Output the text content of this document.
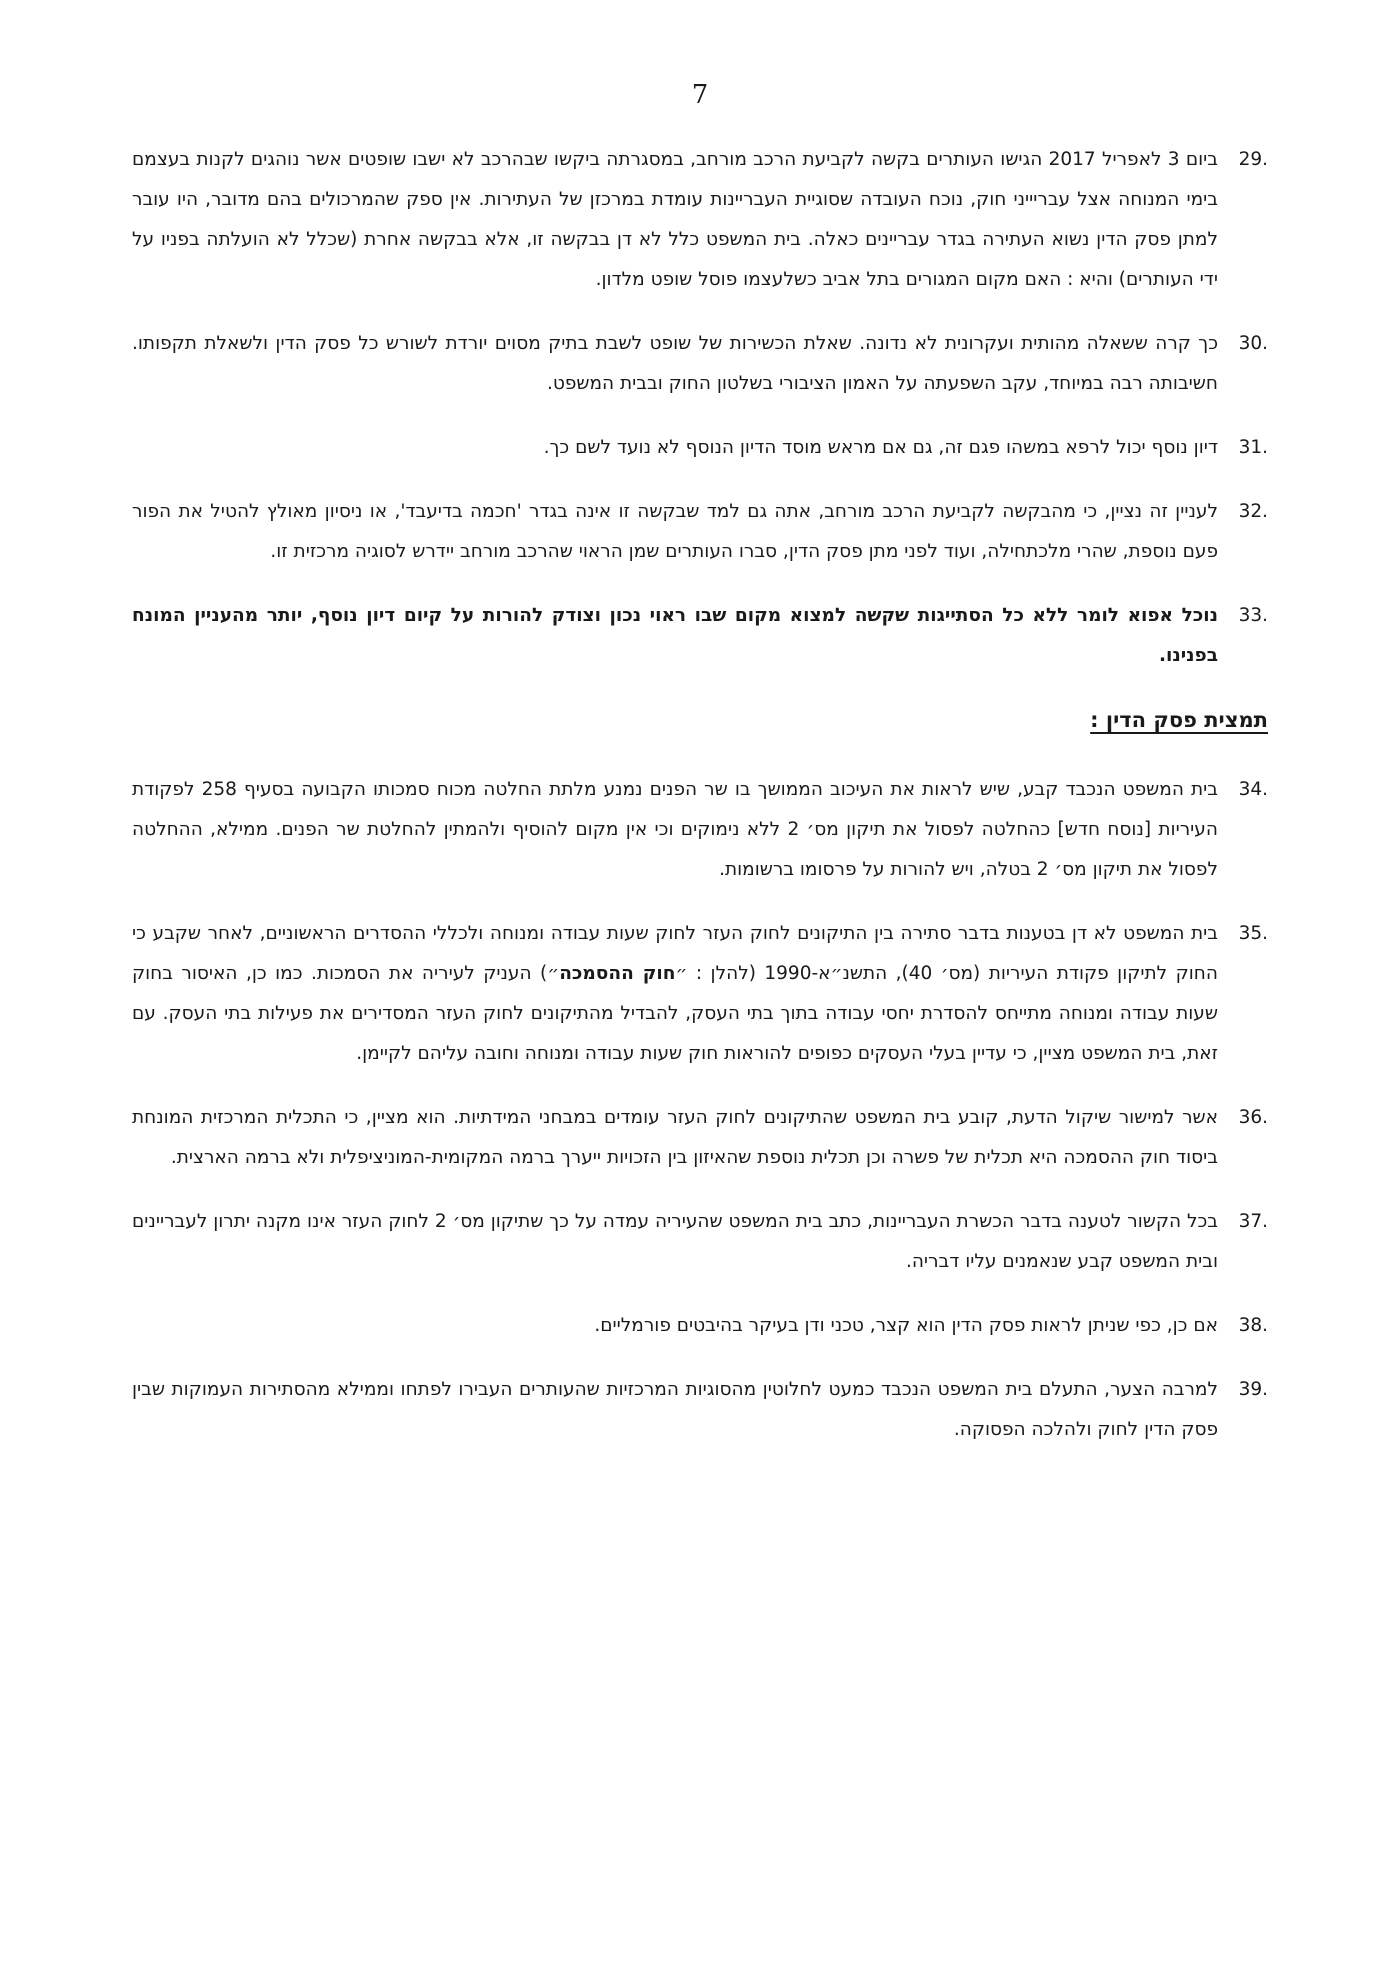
7
29.
ביום 3 לאפריל 2017 הגישו העותרים בקשה לקביעת הרכב מורחב, במסגרתה ביקשו שבהרכב לא ישבו שופטים אשר נוהגים לקנות בעצמם בימי המנוחה אצל עבריייני חוק, נוכח העובדה שסוגיית העבריינות עומדת במרכזן של העתירות. אין ספק שהמרכולים בהם מדובר, היו עובר למתן פסק הדין נשוא העתירה בגדר עבריינים כאלה. בית המשפט כלל לא דן בבקשה זו, אלא בבקשה אחרת (שכלל לא הועלתה בפניו על ידי העותרים) והיא : האם מקום המגורים בתל אביב כשלעצמו פוסל שופט מלדון.
30.
כך קרה ששאלה מהותית ועקרונית לא נדונה. שאלת הכשירות של שופט לשבת בתיק מסוים יורדת לשורש כל פסק הדין ולשאלת תקפותו. חשיבותה רבה במיוחד, עקב השפעתה על האמון הציבורי בשלטון החוק ובבית המשפט.
31.
דיון נוסף יכול לרפא במשהו פגם זה, גם אם מראש מוסד הדיון הנוסף לא נועד לשם כך.
32.
לעניין זה נציין, כי מהבקשה לקביעת הרכב מורחב, אתה גם למד שבקשה זו אינה בגדר 'חכמה בדיעבד', או ניסיון מאולץ להטיל את הפור פעם נוספת, שהרי מלכתחילה, ועוד לפני מתן פסק הדין, סברו העותרים שמן הראוי שהרכב מורחב יידרש לסוגיה מרכזית זו.
33.
נוכל אפוא לומר ללא כל הסתייגות שקשה למצוא מקום שבו ראוי נכון וצודק להורות על קיום דיון נוסף, יותר מהעניין המונח בפנינו.
תמצית פסק הדין :
34.
בית המשפט הנכבד קבע, שיש לראות את העיכוב הממושך בו שר הפנים נמנע מלתת החלטה מכוח סמכותו הקבועה בסעיף 258 לפקודת העיריות [נוסח חדש] כהחלטה לפסול את תיקון מס׳ 2 ללא נימוקים וכי אין מקום להוסיף ולהמתין להחלטת שר הפנים. ממילא, ההחלטה לפסול את תיקון מס׳ 2 בטלה, ויש להורות על פרסומו ברשומות.
35.
בית המשפט לא דן בטענות בדבר סתירה בין התיקונים לחוק העזר לחוק שעות עבודה ומנוחה ולכללי ההסדרים הראשוניים, לאחר שקבע כי החוק לתיקון פקודת העיריות (מס׳ 40), התשנ״א-1990 (להלן : ״חוק ההסמכה״) העניק לעיריה את הסמכות. כמו כן, האיסור בחוק שעות עבודה ומנוחה מתייחס להסדרת יחסי עבודה בתוך בתי העסק, להבדיל מהתיקונים לחוק העזר המסדירים את פעילות בתי העסק. עם זאת, בית המשפט מציין, כי עדיין בעלי העסקים כפופים להוראות חוק שעות עבודה ומנוחה וחובה עליהם לקיימן.
36.
אשר למישור שיקול הדעת, קובע בית המשפט שהתיקונים לחוק העזר עומדים במבחני המידתיות. הוא מציין, כי התכלית המרכזית המונחת ביסוד חוק ההסמכה היא תכלית של פשרה וכן תכלית נוספת שהאיזון בין הזכויות ייערך ברמה המקומית-המוניציפלית ולא ברמה הארצית.
37.
בכל הקשור לטענה בדבר הכשרת העבריינות, כתב בית המשפט שהעיריה עמדה על כך שתיקון מס׳ 2 לחוק העזר אינו מקנה יתרון לעבריינים ובית המשפט קבע שנאמנים עליו דבריה.
38.
אם כן, כפי שניתן לראות פסק הדין הוא קצר, טכני ודן בעיקר בהיבטים פורמליים.
39.
למרבה הצער, התעלם בית המשפט הנכבד כמעט לחלוטין מהסוגיות המרכזיות שהעותרים העבירו לפתחו וממילא מהסתירות העמוקות שבין פסק הדין לחוק ולהלכה הפסוקה.
